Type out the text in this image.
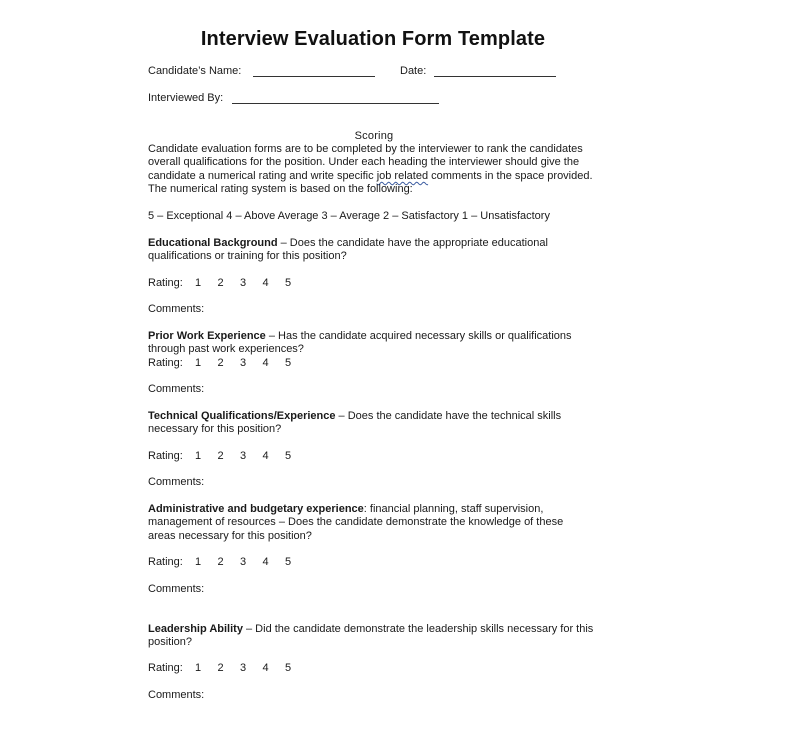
Interview Evaluation Form Template
Candidate’s Name:	Date:
Interviewed By:
Scoring
Candidate evaluation forms are to be completed by the interviewer to rank the candidates overall qualifications for the position. Under each heading the interviewer should give the candidate a numerical rating and write specific job related comments in the space provided. The numerical rating system is based on the following:
5 – Exceptional 4 – Above Average 3 – Average 2 – Satisfactory 1 – Unsatisfactory
Educational Background – Does the candidate have the appropriate educational qualifications or training for this position?
Rating: 1 2 3 4 5
Comments:
Prior Work Experience – Has the candidate acquired necessary skills or qualifications through past work experiences?
Rating: 1 2 3 4 5
Comments:
Technical Qualifications/Experience – Does the candidate have the technical skills necessary for this position?
Rating: 1 2 3 4 5
Comments:
Administrative and budgetary experience: financial planning, staff supervision, management of resources – Does the candidate demonstrate the knowledge of these areas necessary for this position?
Rating: 1 2 3 4 5
Comments:
Leadership Ability – Did the candidate demonstrate the leadership skills necessary for this position?
Rating: 1 2 3 4 5
Comments:
